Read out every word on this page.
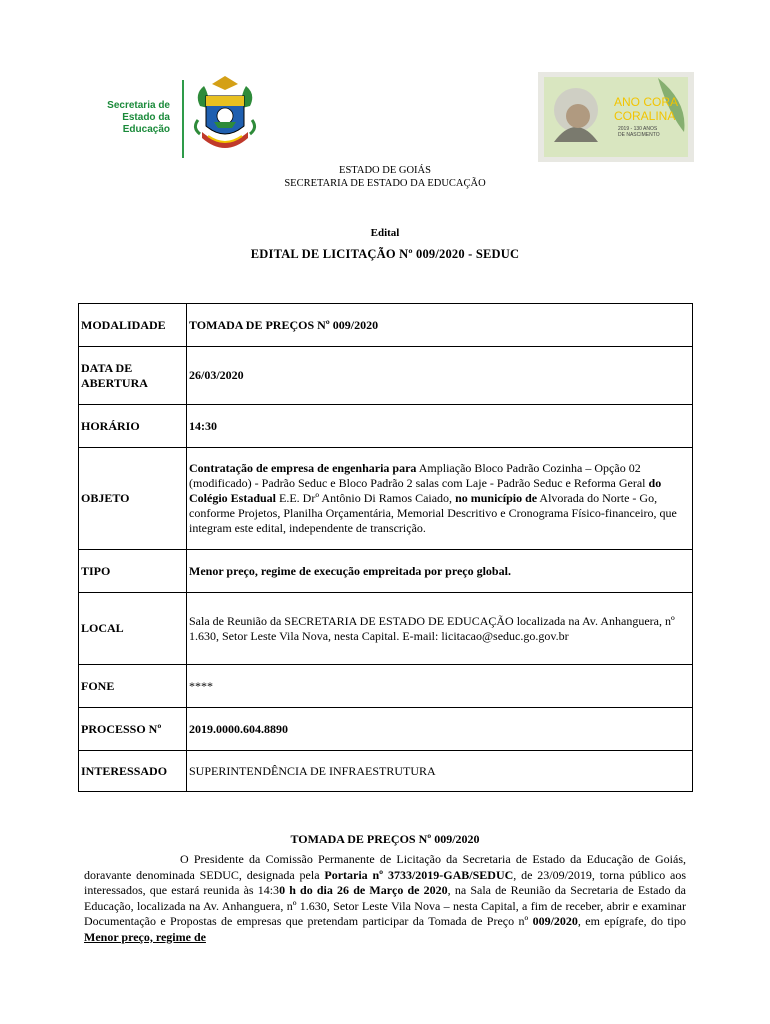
Secretaria de
Estado da
Educação
ANO CORA
CORALINA
2019 - 130 ANOS
DE NASCIMENTO
ESTADO DE GOIÁS
SECRETARIA DE ESTADO DA EDUCAÇÃO
Edital
EDITAL DE LICITAÇÃO Nº 009/2020 - SEDUC
MODALIDADE	TOMADA DE PREÇOS Nº 009/2020
DATA DE ABERTURA	26/03/2020
HORÁRIO	14:30
OBJETO	Contratação de empresa de engenharia para Ampliação Bloco Padrão Cozinha – Opção 02 (modificado) - Padrão Seduc e Bloco Padrão 2 salas com Laje - Padrão Seduc e Reforma Geral do Colégio Estadual E.E. Drº Antônio Di Ramos Caiado, no município de Alvorada do Norte - Go, conforme Projetos, Planilha Orçamentária, Memorial Descritivo e Cronograma Físico-financeiro, que integram este edital, independente de transcrição.
TIPO	Menor preço, regime de execução empreitada por preço global.
LOCAL	Sala de Reunião da SECRETARIA DE ESTADO DE EDUCAÇÃO localizada na Av. Anhanguera, nº 1.630, Setor Leste Vila Nova, nesta Capital. E-mail: licitacao@seduc.go.gov.br
FONE	****
PROCESSO Nº	2019.0000.604.8890
INTERESSADO	SUPERINTENDÊNCIA DE INFRAESTRUTURA
TOMADA DE PREÇOS Nº 009/2020
O Presidente da Comissão Permanente de Licitação da Secretaria de Estado da Educação de Goiás, doravante denominada SEDUC, designada pela Portaria nº 3733/2019-GAB/SEDUC, de 23/09/2019, torna público aos interessados, que estará reunida às 14:30 h do dia 26 de Março de 2020, na Sala de Reunião da Secretaria de Estado da Educação, localizada na Av. Anhanguera, nº 1.630, Setor Leste Vila Nova – nesta Capital, a fim de receber, abrir e examinar Documentação e Propostas de empresas que pretendam participar da Tomada de Preço nº 009/2020, em epígrafe, do tipo Menor preço, regime de
